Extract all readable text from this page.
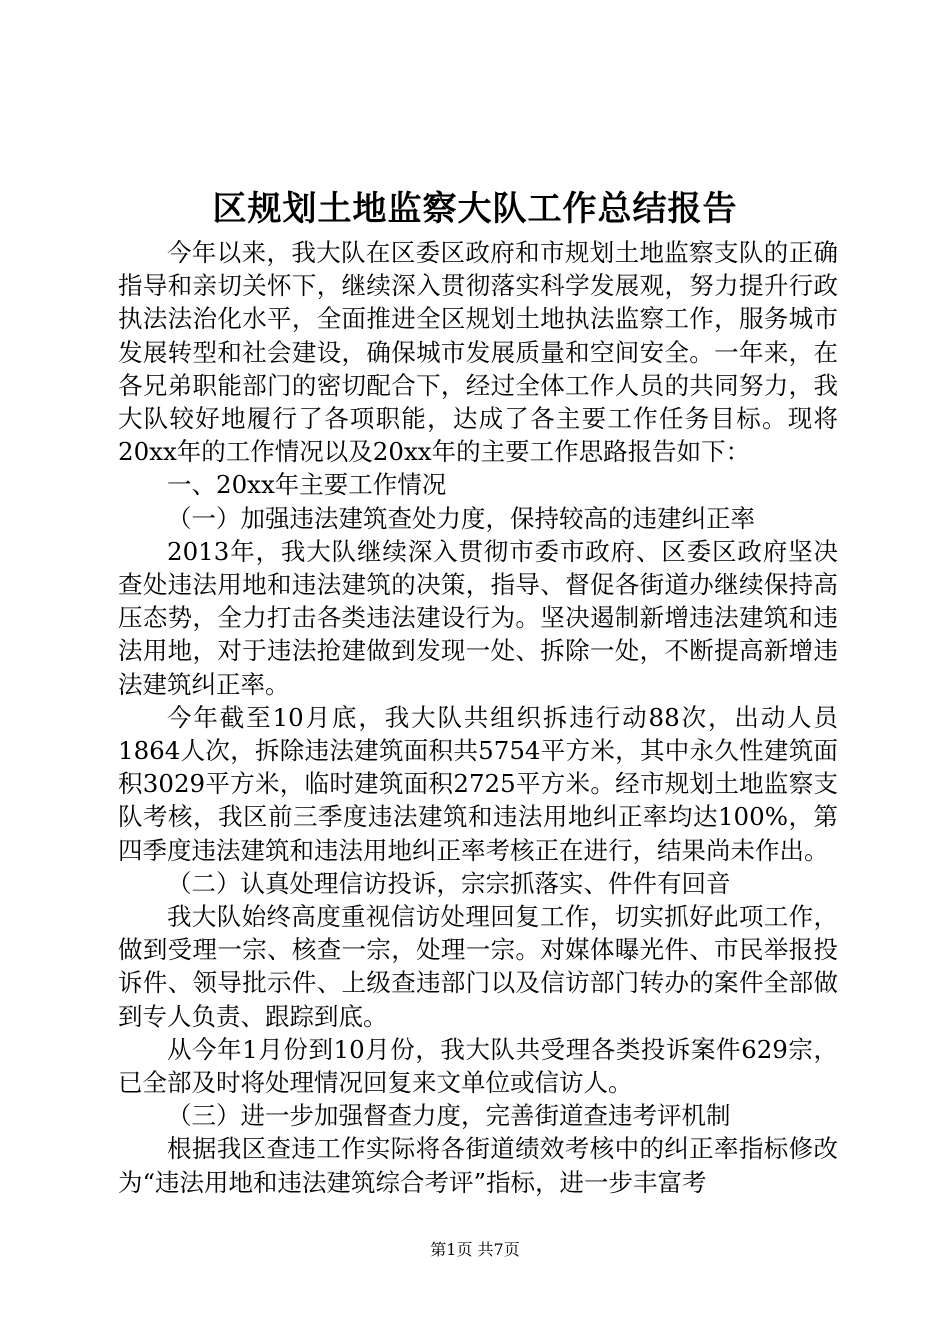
区规划土地监察大队工作总结报告

今年以来，我大队在区委区政府和市规划土地监察支队的正确指导和亲切关怀下，继续深入贯彻落实科学发展观，努力提升行政执法法治化水平，全面推进全区规划土地执法监察工作，服务城市发展转型和社会建设，确保城市发展质量和空间安全。一年来，在各兄弟职能部门的密切配合下，经过全体工作人员的共同努力，我大队较好地履行了各项职能，达成了各主要工作任务目标。现将20xx年的工作情况以及20xx年的主要工作思路报告如下：

一、20xx年主要工作情况

（一）加强违法建筑查处力度，保持较高的违建纠正率

2013年，我大队继续深入贯彻市委市政府、区委区政府坚决查处违法用地和违法建筑的决策，指导、督促各街道办继续保持高压态势，全力打击各类违法建设行为。坚决遏制新增违法建筑和违法用地，对于违法抢建做到发现一处、拆除一处，不断提高新增违法建筑纠正率。

今年截至10月底，我大队共组织拆违行动88次，出动人员1864人次，拆除违法建筑面积共5754平方米，其中永久性建筑面积3029平方米，临时建筑面积2725平方米。经市规划土地监察支队考核，我区前三季度违法建筑和违法用地纠正率均达100%，第四季度违法建筑和违法用地纠正率考核正在进行，结果尚未作出。

（二）认真处理信访投诉，宗宗抓落实、件件有回音

我大队始终高度重视信访处理回复工作，切实抓好此项工作，做到受理一宗、核查一宗，处理一宗。对媒体曝光件、市民举报投诉件、领导批示件、上级查违部门以及信访部门转办的案件全部做到专人负责、跟踪到底。

从今年1月份到10月份，我大队共受理各类投诉案件629宗，已全部及时将处理情况回复来文单位或信访人。

（三）进一步加强督查力度，完善街道查违考评机制

根据我区查违工作实际将各街道绩效考核中的纠正率指标修改为“违法用地和违法建筑综合考评”指标，进一步丰富考

第1页 共7页
